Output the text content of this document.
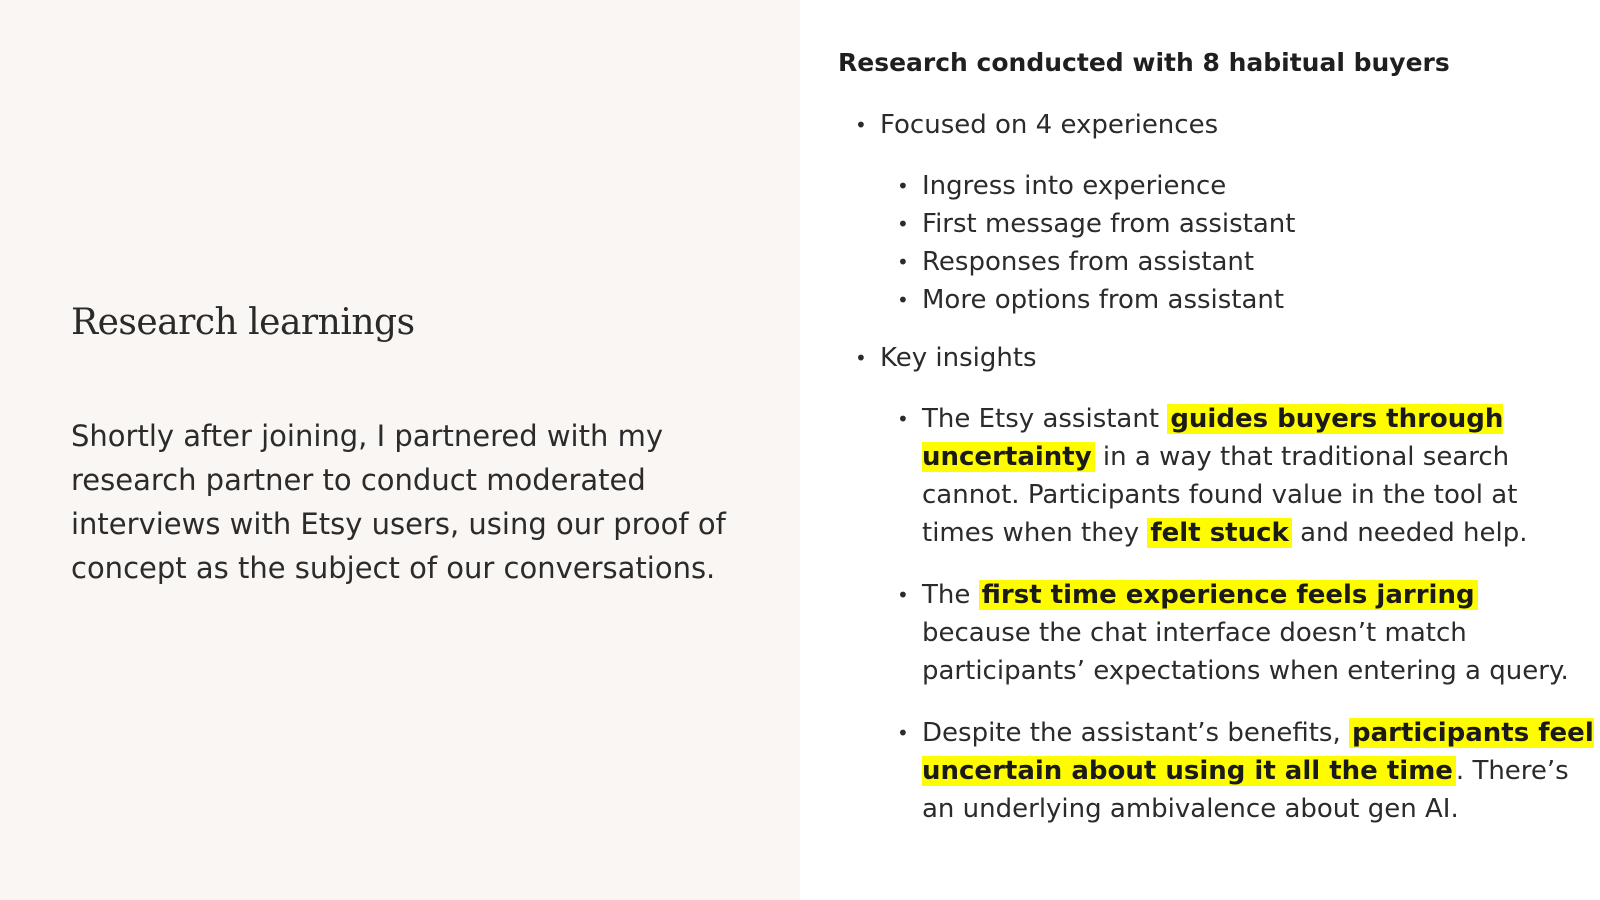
Research learnings

Shortly after joining, I partnered with my research partner to conduct moderated interviews with Etsy users, using our proof of concept as the subject of our conversations.

Research conducted with 8 habitual buyers
• Focused on 4 experiences
• Ingress into experience
• First message from assistant
• Responses from assistant
• More options from assistant
• Key insights
• The Etsy assistant guides buyers through uncertainty in a way that traditional search cannot. Participants found value in the tool at times when they felt stuck and needed help.
• The first time experience feels jarring because the chat interface doesn’t match participants’ expectations when entering a query.
• Despite the assistant’s benefits, participants feel uncertain about using it all the time . There’s an underlying ambivalence about gen AI.
